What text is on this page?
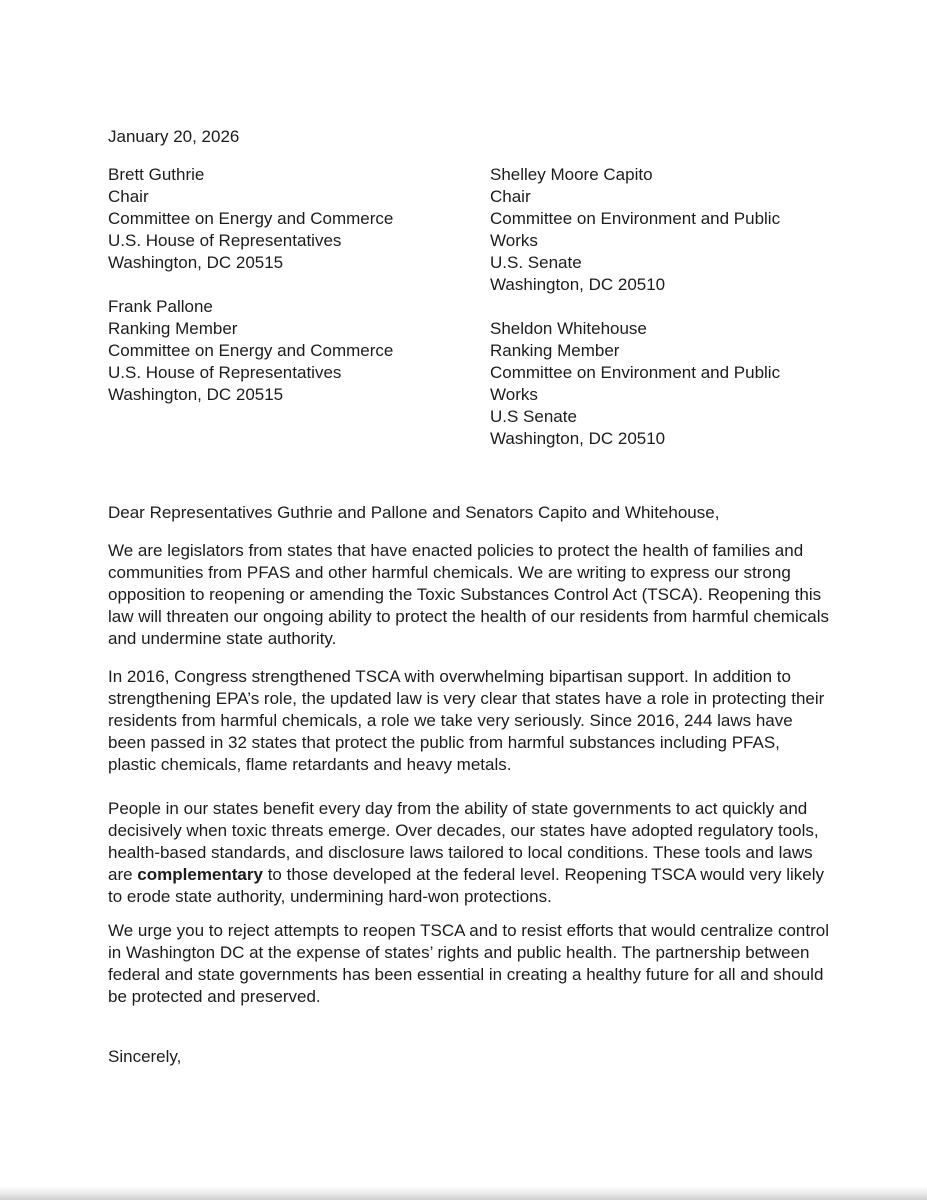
January 20, 2026
Brett Guthrie
Chair
Committee on Energy and Commerce
U.S. House of Representatives
Washington, DC 20515
Frank Pallone
Ranking Member
Committee on Energy and Commerce
U.S. House of Representatives
Washington, DC 20515
Shelley Moore Capito
Chair
Committee on Environment and Public
Works
U.S. Senate
Washington, DC 20510
Sheldon Whitehouse
Ranking Member
Committee on Environment and Public
Works
U.S Senate
Washington, DC 20510
Dear Representatives Guthrie and Pallone and Senators Capito and Whitehouse,
We are legislators from states that have enacted policies to protect the health of families and
communities from PFAS and other harmful chemicals. We are writing to express our strong
opposition to reopening or amending the Toxic Substances Control Act (TSCA). Reopening this
law will threaten our ongoing ability to protect the health of our residents from harmful chemicals
and undermine state authority.
In 2016, Congress strengthened TSCA with overwhelming bipartisan support. In addition to
strengthening EPA’s role, the updated law is very clear that states have a role in protecting their
residents from harmful chemicals, a role we take very seriously. Since 2016, 244 laws have
been passed in 32 states that protect the public from harmful substances including PFAS,
plastic chemicals, flame retardants and heavy metals.
People in our states benefit every day from the ability of state governments to act quickly and
decisively when toxic threats emerge. Over decades, our states have adopted regulatory tools,
health-based standards, and disclosure laws tailored to local conditions. These tools and laws
are complementary to those developed at the federal level. Reopening TSCA would very likely
to erode state authority, undermining hard-won protections.
We urge you to reject attempts to reopen TSCA and to resist efforts that would centralize control
in Washington DC at the expense of states’ rights and public health. The partnership between
federal and state governments has been essential in creating a healthy future for all and should
be protected and preserved.
Sincerely,
